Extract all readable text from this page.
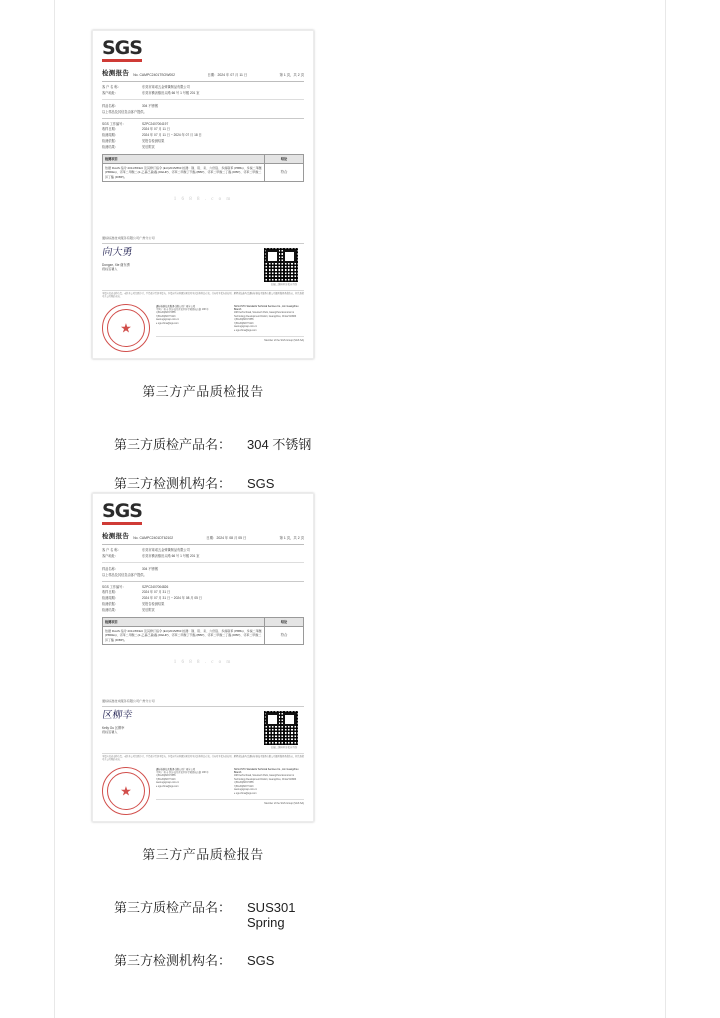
SGS
检测报告 No. CAMPC2401TSOW002	日期：2024 年 07 月 11 日	第 1 页，共 2 页
客 户 名 称：	东莞市赛诺五金弹簧制品有限公司
客户地址：	东莞市横沥镇田头路 66 号 1 号楼 201 室
样品名称：	304 不锈钢
以上样品及其信息由客户提供。
SGS 工作编号：	SZPC2407004197
收样日期：	2024 年 07 月 11 日
检测周期：	2024 年 07 月 11 日 ~ 2024 年 07 月 18 日
检测依据：	见报告检测结果
检测结果：	见后附页
检测项目	结论
依据 RoHS 指令 2011/65/EU 及其修订指令 (EU)2015/863 检测：镉、铅、汞、六价铬、多溴联苯 (PBBs)、多溴二苯醚 (PBDEs)、邻苯二甲酸二(2-乙基己基)酯 (DEHP)、邻苯二甲酸丁苄酯 (BBP)、邻苯二甲酸二丁酯 (DBP)、邻苯二甲酸二异丁酯 (DIBP)。	符合
1 6 8 8 . c o m
通标标准技术服务有限公司广州分公司
向大勇
Dongze, Xie 谢东勇
授权签署人
扫描二维码验证报告真伪
本报告仅就来样负责。未经本公司书面许可，不得部分复制本报告。本报告所含检测结果仅对本次送检样品有效。任何对本报告的使用、解释或依赖均受通标标准技术服务有限公司通用服务条款约束，相关条款可于公司网站查询。
★
通标标准技术服务有限公司广州分公司
中国·广州市·经济技术开发区科学城荔枝山路 198 号
t (86-20)8215 5555
f (86-20)8207 5113
www.sgsgroup.com.cn
e sgs.china@sgs.com
SGS-CSTC Standards Technical Services Co., Ltd. Guangzhou Branch
198 Kezhu Road, Scientech Park, Guangzhou Economic & Technology Development District, Guangzhou, China 510663
t (86-20)8215 5555
f (86-20)8207 5113
www.sgsgroup.com.cn
e sgs.china@sgs.com
Member of the SGS Group (SGS SA)
第三方产品质检报告
第三方质检产品名： 304 不锈钢
第三方检测机构名： SGS
SGS
检测报告 No. CAMPC2401DT62102	日期：2024 年 08 月 05 日	第 1 页，共 2 页
客 户 名 称：	东莞市赛诺五金弹簧制品有限公司
客户地址：	东莞市横沥镇田头路 66 号 1 号楼 201 室
样品名称：	304 不锈钢
以上样品及其信息由客户提供。
SGS 工作编号：	SZPC2407004826
收样日期：	2024 年 07 月 31 日
检测周期：	2024 年 07 月 31 日 ~ 2024 年 08 月 05 日
检测依据：	见报告检测结果
检测结果：	见后附页
检测项目	结论
依据 RoHS 指令 2011/65/EU 及其修订指令 (EU)2015/863 检测：镉、铅、汞、六价铬、多溴联苯 (PBBs)、多溴二苯醚 (PBDEs)、邻苯二甲酸二(2-乙基己基)酯 (DEHP)、邻苯二甲酸丁苄酯 (BBP)、邻苯二甲酸二丁酯 (DBP)、邻苯二甲酸二异丁酯 (DIBP)。	符合
1 6 8 8 . c o m
通标标准技术服务有限公司广州分公司
区柳幸
Kelly Ou 区柳幸
授权签署人
扫描二维码验证报告真伪
本报告仅就来样负责。未经本公司书面许可，不得部分复制本报告。本报告所含检测结果仅对本次送检样品有效。任何对本报告的使用、解释或依赖均受通标标准技术服务有限公司通用服务条款约束，相关条款可于公司网站查询。
★
通标标准技术服务有限公司广州分公司
中国·广州市·经济技术开发区科学城荔枝山路 198 号
t (86-20)8215 5555
f (86-20)8207 5113
www.sgsgroup.com.cn
e sgs.china@sgs.com
SGS-CSTC Standards Technical Services Co., Ltd. Guangzhou Branch
198 Kezhu Road, Scientech Park, Guangzhou Economic & Technology Development District, Guangzhou, China 510663
t (86-20)8215 5555
f (86-20)8207 5113
www.sgsgroup.com.cn
e sgs.china@sgs.com
Member of the SGS Group (SGS SA)
第三方产品质检报告
第三方质检产品名： SUS301 Spring
第三方检测机构名： SGS
